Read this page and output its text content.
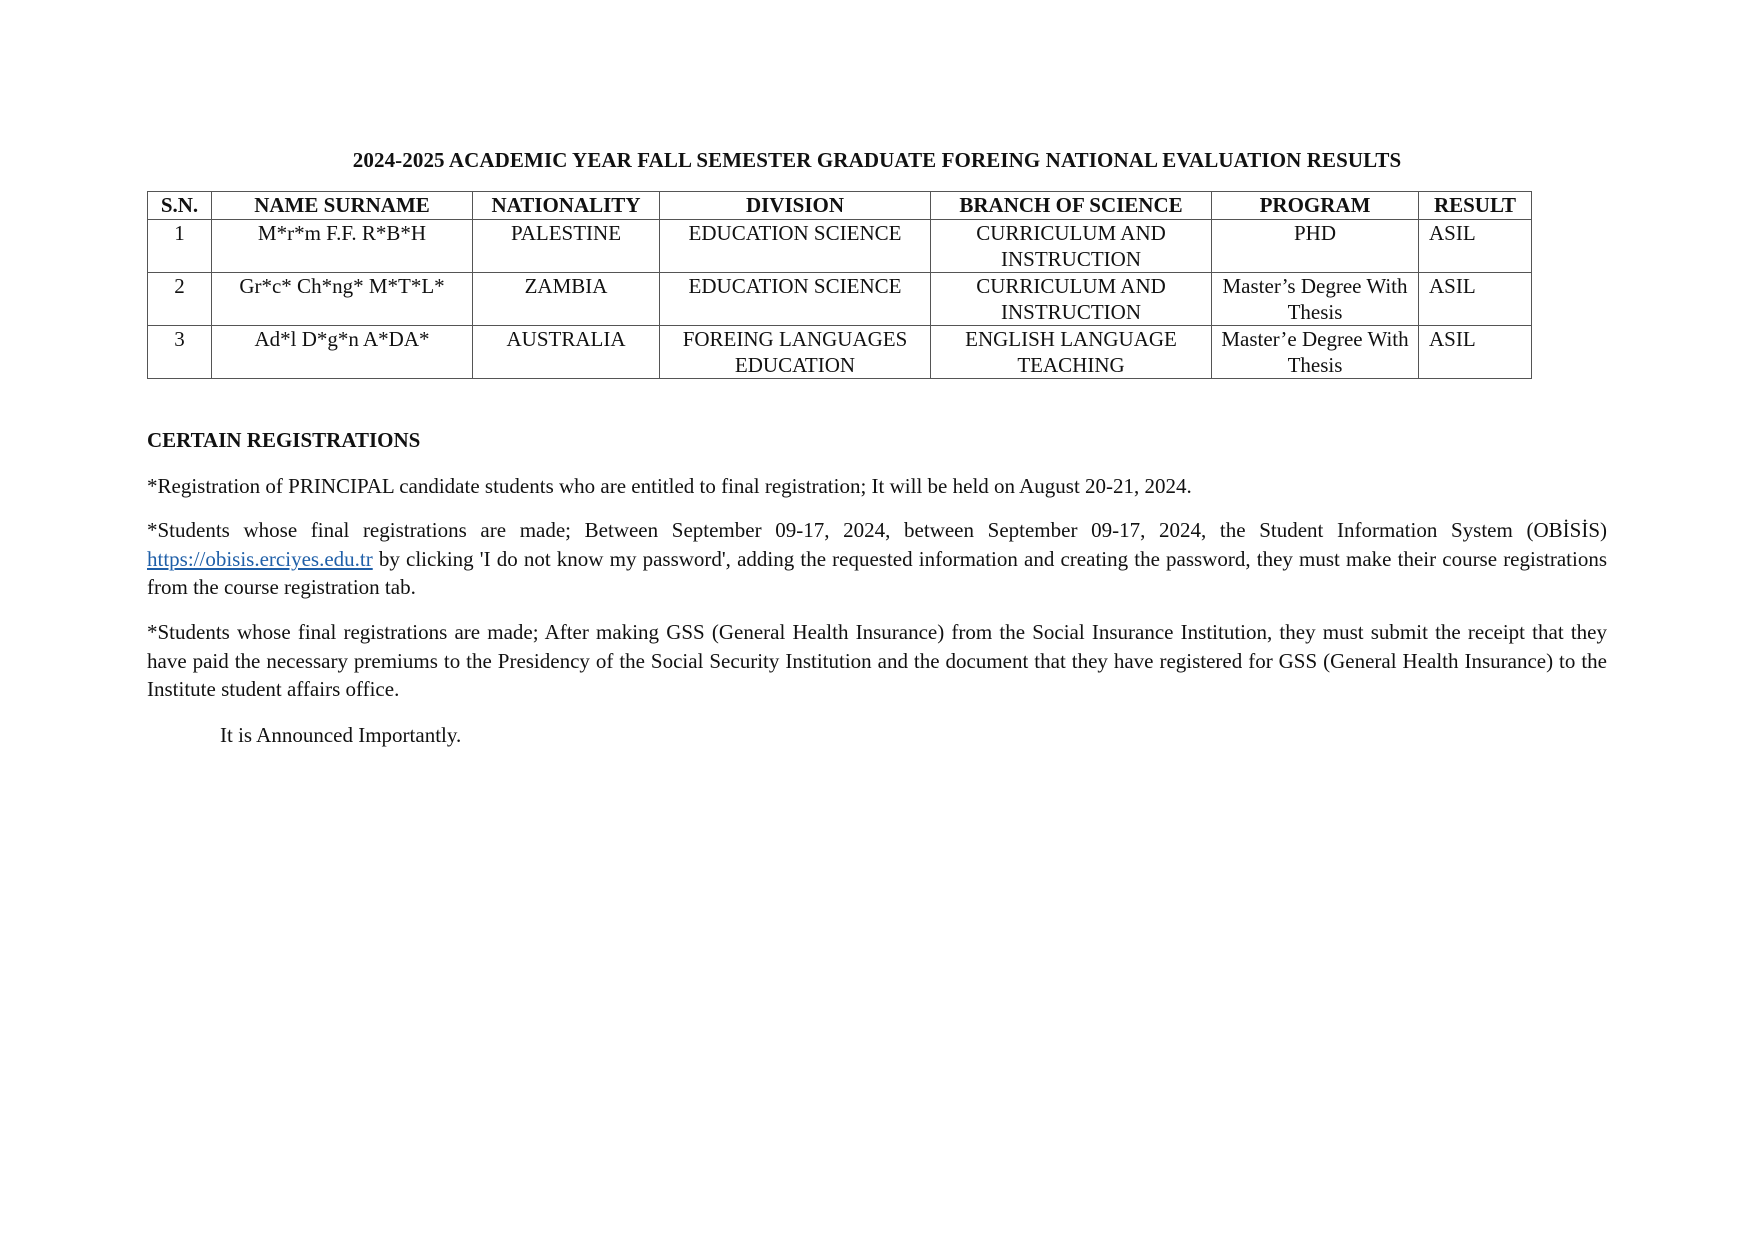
2024-2025 ACADEMIC YEAR FALL SEMESTER GRADUATE FOREING NATIONAL EVALUATION RESULTS
S.N.	NAME SURNAME	NATIONALITY	DIVISION	BRANCH OF SCIENCE	PROGRAM	RESULT
1	M*r*m F.F. R*B*H	PALESTINE	EDUCATION SCIENCE	CURRICULUM AND INSTRUCTION	PHD	ASIL
2	Gr*c* Ch*ng* M*T*L*	ZAMBIA	EDUCATION SCIENCE	CURRICULUM AND INSTRUCTION	Master’s Degree With Thesis	ASIL
3	Ad*l D*g*n A*DA*	AUSTRALIA	FOREING LANGUAGES EDUCATION	ENGLISH LANGUAGE TEACHING	Master’e Degree With Thesis	ASIL
CERTAIN REGISTRATIONS

*Registration of PRINCIPAL candidate students who are entitled to final registration; It will be held on August 20-21, 2024.

*Students whose final registrations are made; Between September 09-17, 2024, between September 09-17, 2024, the Student Information System (OBİSİS) https://obisis.erciyes.edu.tr by clicking 'I do not know my password', adding the requested information and creating the password, they must make their course registrations from the course registration tab.

*Students whose final registrations are made; After making GSS (General Health Insurance) from the Social Insurance Institution, they must submit the receipt that they have paid the necessary premiums to the Presidency of the Social Security Institution and the document that they have registered for GSS (General Health Insurance) to the Institute student affairs office.

It is Announced Importantly.
